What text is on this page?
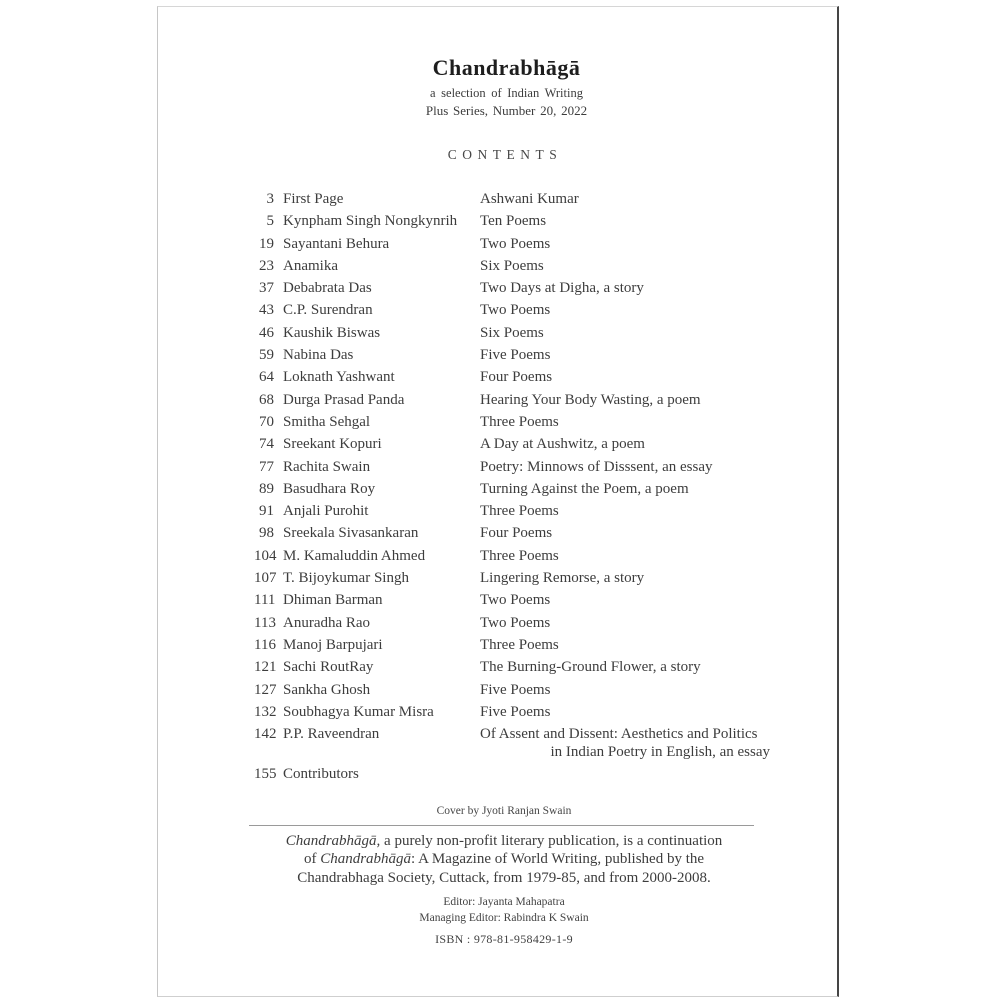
Chandrabhāgā
a selection of Indian Writing
Plus Series, Number 20, 2022
CONTENTS
3 First Page	Ashwani Kumar
5 Kynpham Singh Nongkynrih	Ten Poems
19 Sayantani Behura	Two Poems
23 Anamika	Six Poems
37 Debabrata Das	Two Days at Digha, a story
43 C.P. Surendran	Two Poems
46 Kaushik Biswas	Six Poems
59 Nabina Das	Five Poems
64 Loknath Yashwant	Four Poems
68 Durga Prasad Panda	Hearing Your Body Wasting, a poem
70 Smitha Sehgal	Three Poems
74 Sreekant Kopuri	A Day at Aushwitz, a poem
77 Rachita Swain	Poetry: Minnows of Disssent, an essay
89 Basudhara Roy	Turning Against the Poem, a poem
91 Anjali Purohit	Three Poems
98 Sreekala Sivasankaran	Four Poems
104 M. Kamaluddin Ahmed	Three Poems
107 T. Bijoykumar Singh	Lingering Remorse, a story
111 Dhiman Barman	Two Poems
113 Anuradha Rao	Two Poems
116 Manoj Barpujari	Three Poems
121 Sachi RoutRay	The Burning-Ground Flower, a story
127 Sankha Ghosh	Five Poems
132 Soubhagya Kumar Misra	Five Poems
142 P.P. Raveendran	Of Assent and Dissent: Aesthetics and Politics
in Indian Poetry in English, an essay
155 Contributors
Cover by Jyoti Ranjan Swain

Chandrabhāgā, a purely non-profit literary publication, is a continuation
of Chandrabhāgā: A Magazine of World Writing, published by the
Chandrabhaga Society, Cuttack, from 1979-85, and from 2000-2008.

Editor: Jayanta Mahapatra
Managing Editor: Rabindra K Swain
ISBN : 978-81-958429-1-9
